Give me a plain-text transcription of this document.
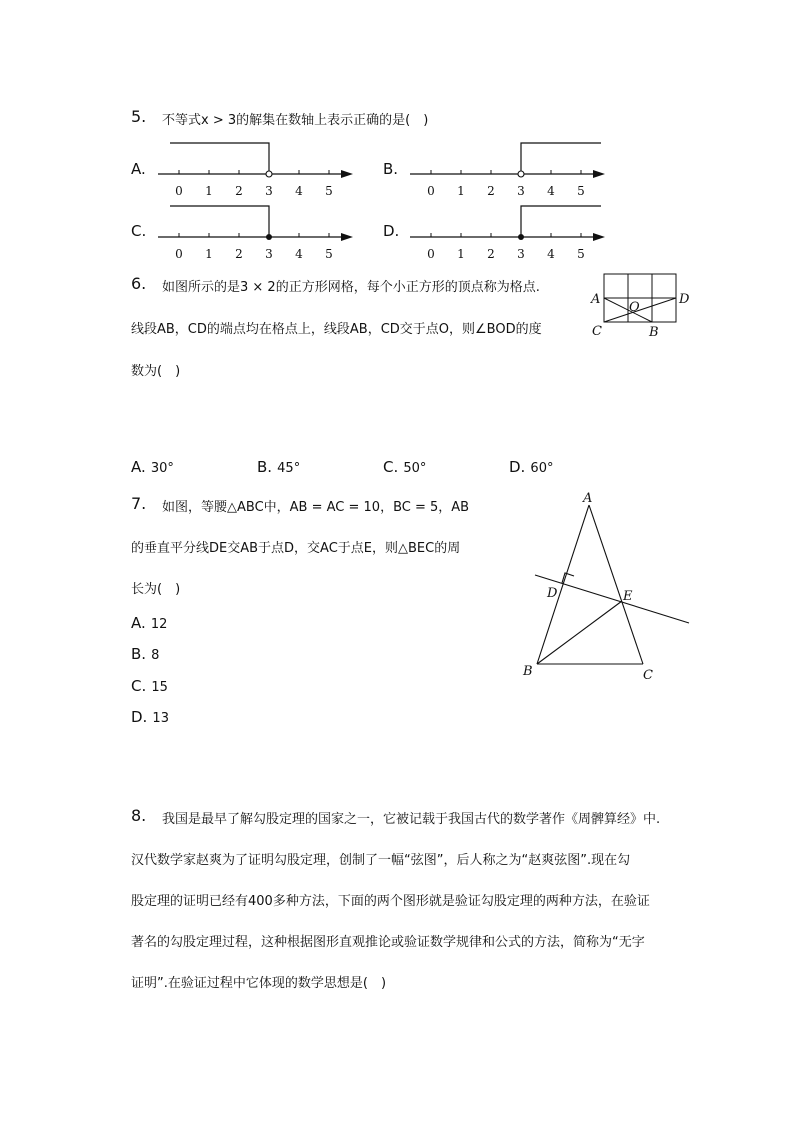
5. 不等式x > 3的解集在数轴上表示正确的是(　)
A.
0 1 2 3 4 5
B.
0 1 2 3 4 5
C.
0 1 2 3 4 5
D.
0 1 2 3 4 5
6. 如图所示的是3 × 2的正方形网格，每个小正方形的顶点称为格点.
线段AB，CD的端点均在格点上，线段AB，CD交于点O，则∠BOD的度
数为(　)
A	D
C	B
O
A. 30°	B. 45°	C. 50°	D. 60°
7. 如图，等腰△ABC中，AB = AC = 10，BC = 5，AB
的垂直平分线DE交AB于点D，交AC于点E，则△BEC的周
长为(　)
A. 12
B. 8
C. 15
D. 13
A
B	C
D	E
8. 我国是最早了解勾股定理的国家之一，它被记载于我国古代的数学著作《周髀算经》中.
汉代数学家赵爽为了证明勾股定理，创制了一幅“弦图”，后人称之为“赵爽弦图”.现在勾
股定理的证明已经有400多种方法，下面的两个图形就是验证勾股定理的两种方法，在验证
著名的勾股定理过程，这种根据图形直观推论或验证数学规律和公式的方法，简称为“无字
证明”.在验证过程中它体现的数学思想是(　)
